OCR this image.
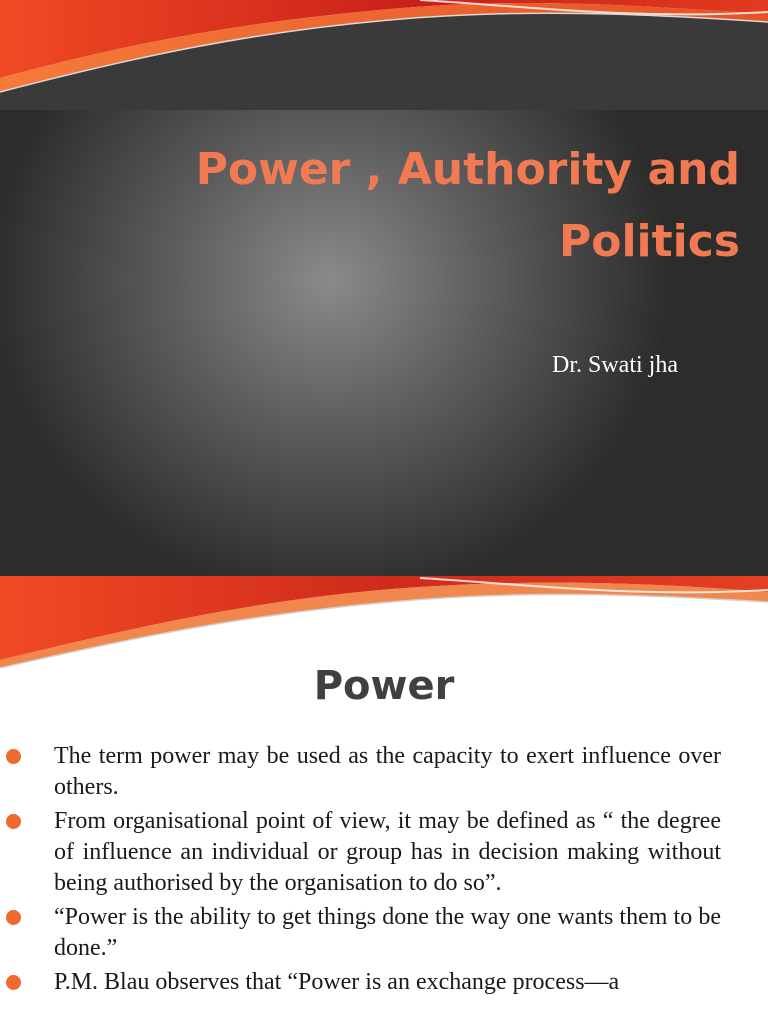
Power , Authority and
Politics
Dr. Swati jha
Power
The term power may be used as the capacity to exert influence over others.
From organisational point of view, it may be defined as “ the degree of influence an individual or group has in decision making without being authorised by the organisation to do so”.
“Power is the ability to get things done the way one wants them to be done.”
P.M. Blau observes that “Power is an exchange process—a
